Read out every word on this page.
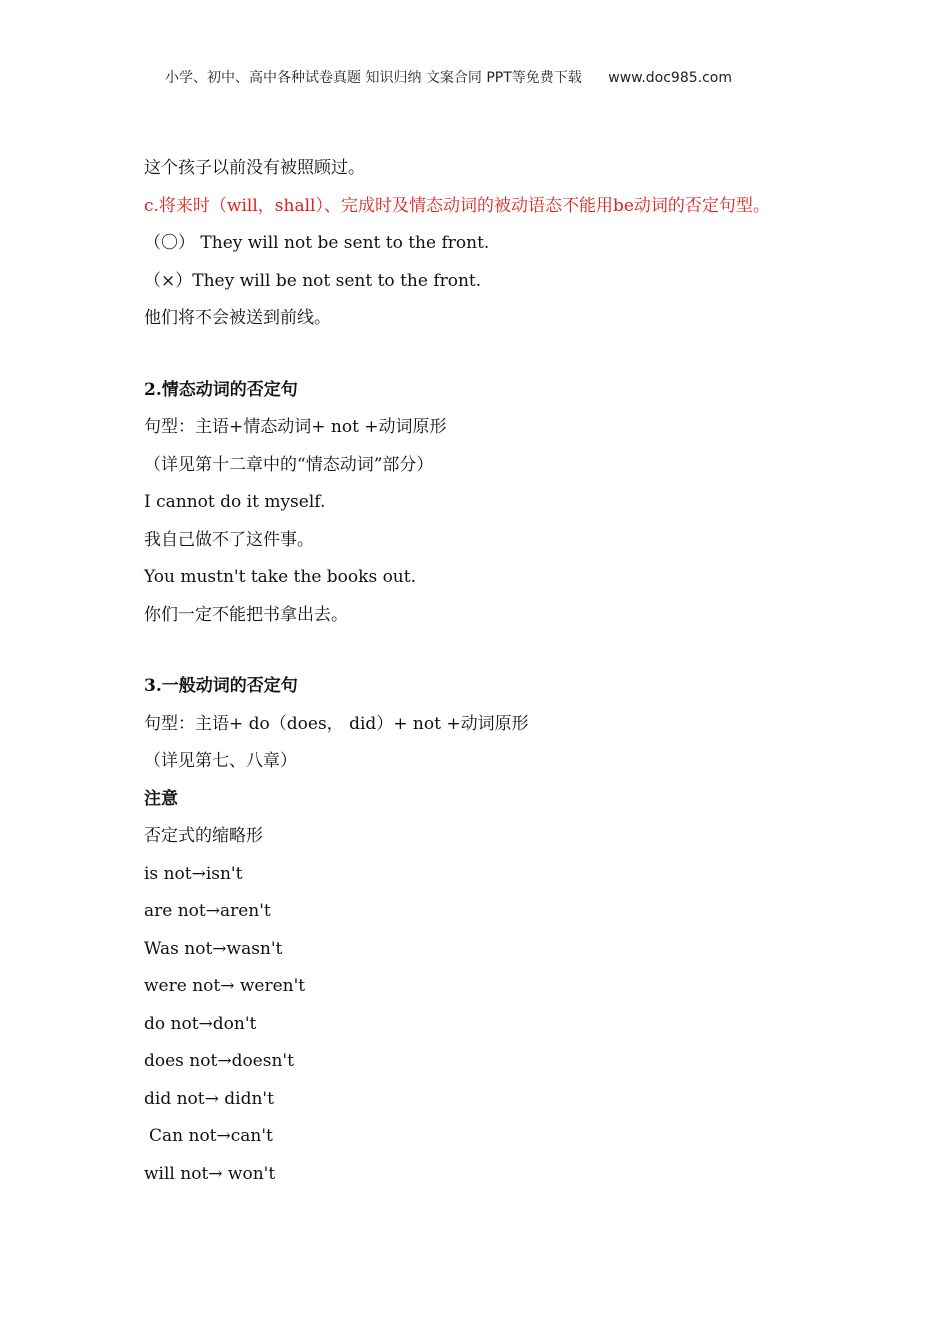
小学、初中、高中各种试卷真题 知识归纳 文案合同 PPT等免费下载 www.doc985.com
这个孩子以前没有被照顾过。
c.将来时（will，shall）、完成时及情态动词的被动语态不能用be动词的否定句型。
（〇） They will not be sent to the front.
（×）They will be not sent to the front.
他们将不会被送到前线。
2.情态动词的否定句
句型：主语+情态动词+ not +动词原形
（详见第十二章中的“情态动词”部分）
I cannot do it myself.
我自己做不了这件事。
You mustn't take the books out.
你们一定不能把书拿出去。
3.一般动词的否定句
句型：主语+ do（does， did）+ not +动词原形
（详见第七、八章）
注意
否定式的缩略形
is not→isn't
are not→aren't
Was not→wasn't
were not→ weren't
do not→don't
does not→doesn't
did not→ didn't
Can not→can't
will not→ won't
